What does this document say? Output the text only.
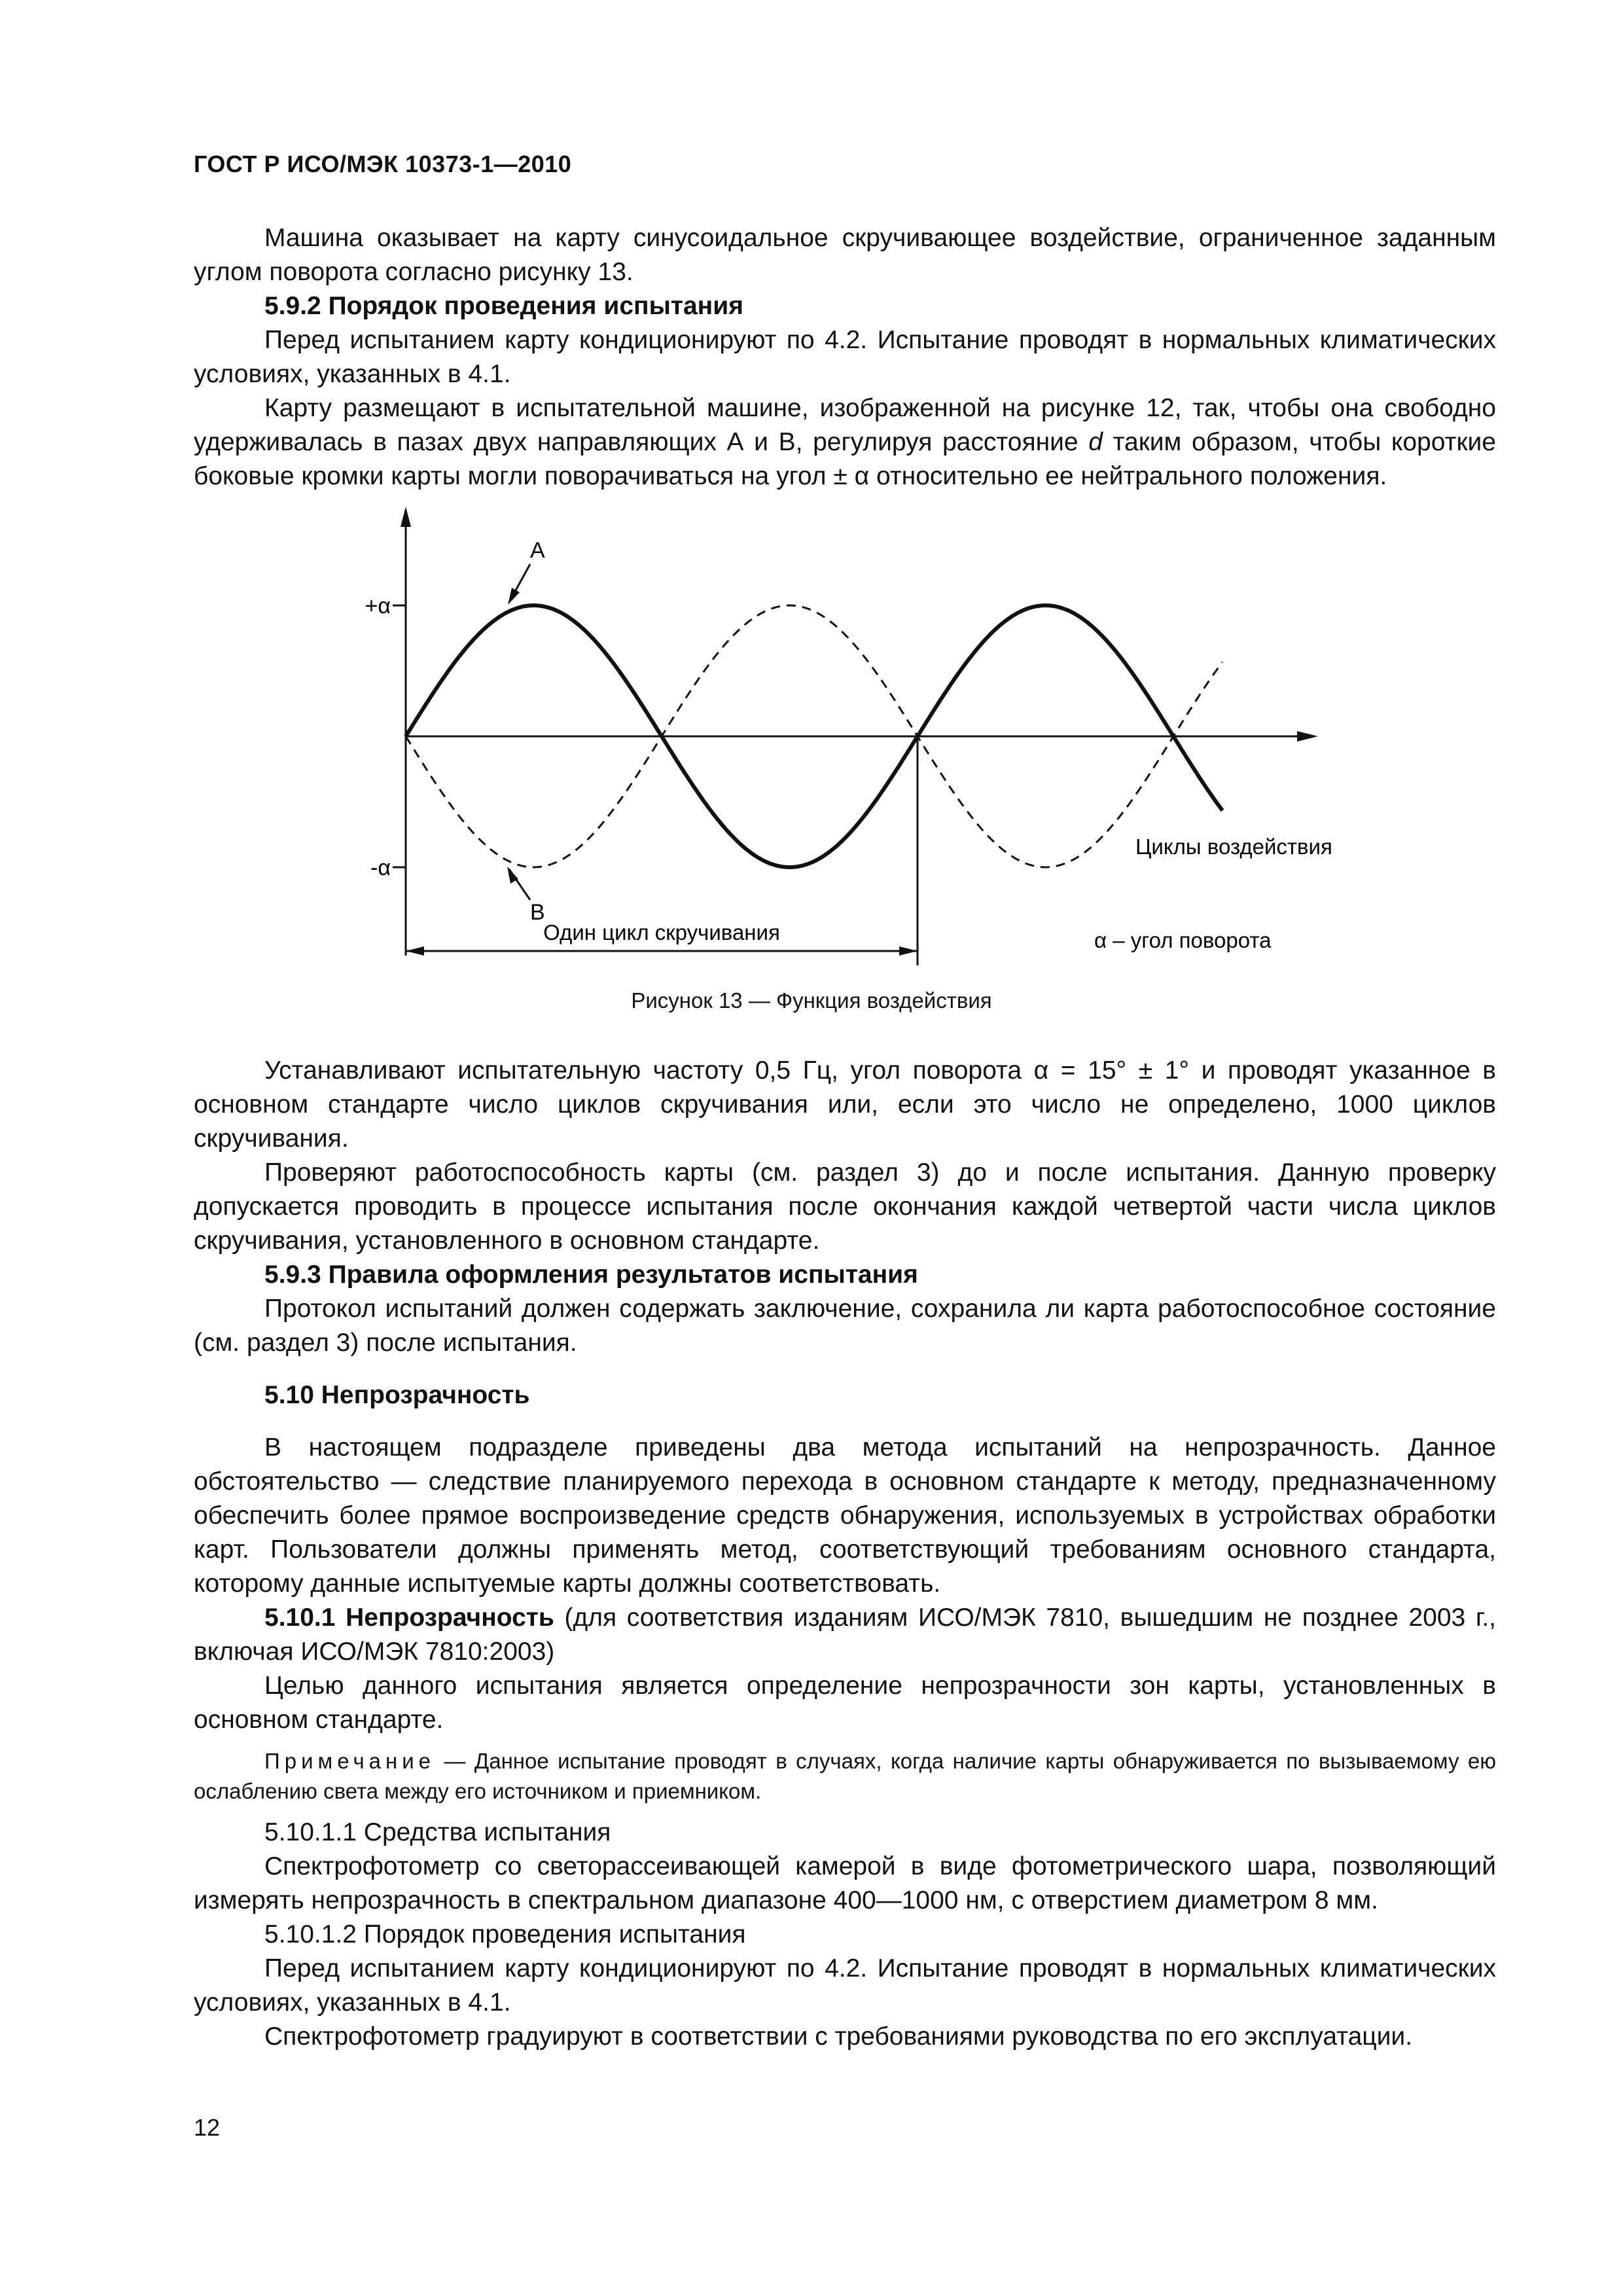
ГОСТ Р ИСО/МЭК 10373-1—2010

Машина оказывает на карту синусоидальное скручивающее воздействие, ограниченное заданным углом поворота согласно рисунку 13.

5.9.2 Порядок проведения испытания

Перед испытанием карту кондиционируют по 4.2. Испытание проводят в нормальных климатических условиях, указанных в 4.1.

Карту размещают в испытательной машине, изображенной на рисунке 12, так, чтобы она свободно удерживалась в пазах двух направляющих А и В, регулируя расстояние d таким образом, чтобы короткие боковые кромки карты могли поворачиваться на угол ± α относительно ее нейтрального положения.

+α
-α
Один цикл скручивания
A
B
Циклы воздействия
α – угол поворота
Рисунок 13 — Функция воздействия

Устанавливают испытательную частоту 0,5 Гц, угол поворота α = 15° ± 1° и проводят указанное в основном стандарте число циклов скручивания или, если это число не определено, 1000 циклов скручивания.

Проверяют работоспособность карты (см. раздел 3) до и после испытания. Данную проверку допускается проводить в процессе испытания после окончания каждой четвертой части числа циклов скручивания, установленного в основном стандарте.

5.9.3 Правила оформления результатов испытания

Протокол испытаний должен содержать заключение, сохранила ли карта работоспособное состояние (см. раздел 3) после испытания.

5.10 Непрозрачность

В настоящем подразделе приведены два метода испытаний на непрозрачность. Данное обстоятельство — следствие планируемого перехода в основном стандарте к методу, предназначенному обеспечить более прямое воспроизведение средств обнаружения, используемых в устройствах обработки карт. Пользователи должны применять метод, соответствующий требованиям основного стандарта, которому данные испытуемые карты должны соответствовать.

5.10.1 Непрозрачность (для соответствия изданиям ИСО/МЭК 7810, вышедшим не позднее 2003 г., включая ИСО/МЭК 7810:2003)

Целью данного испытания является определение непрозрачности зон карты, установленных в основном стандарте.

Примечание — Данное испытание проводят в случаях, когда наличие карты обнаруживается по вызываемому ею ослаблению света между его источником и приемником.

5.10.1.1 Средства испытания

Спектрофотометр со светорассеивающей камерой в виде фотометрического шара, позволяющий измерять непрозрачность в спектральном диапазоне 400—1000 нм, с отверстием диаметром 8 мм.

5.10.1.2 Порядок проведения испытания

Перед испытанием карту кондиционируют по 4.2. Испытание проводят в нормальных климатических условиях, указанных в 4.1.

Спектрофотометр градуируют в соответствии с требованиями руководства по его эксплуатации.

12
